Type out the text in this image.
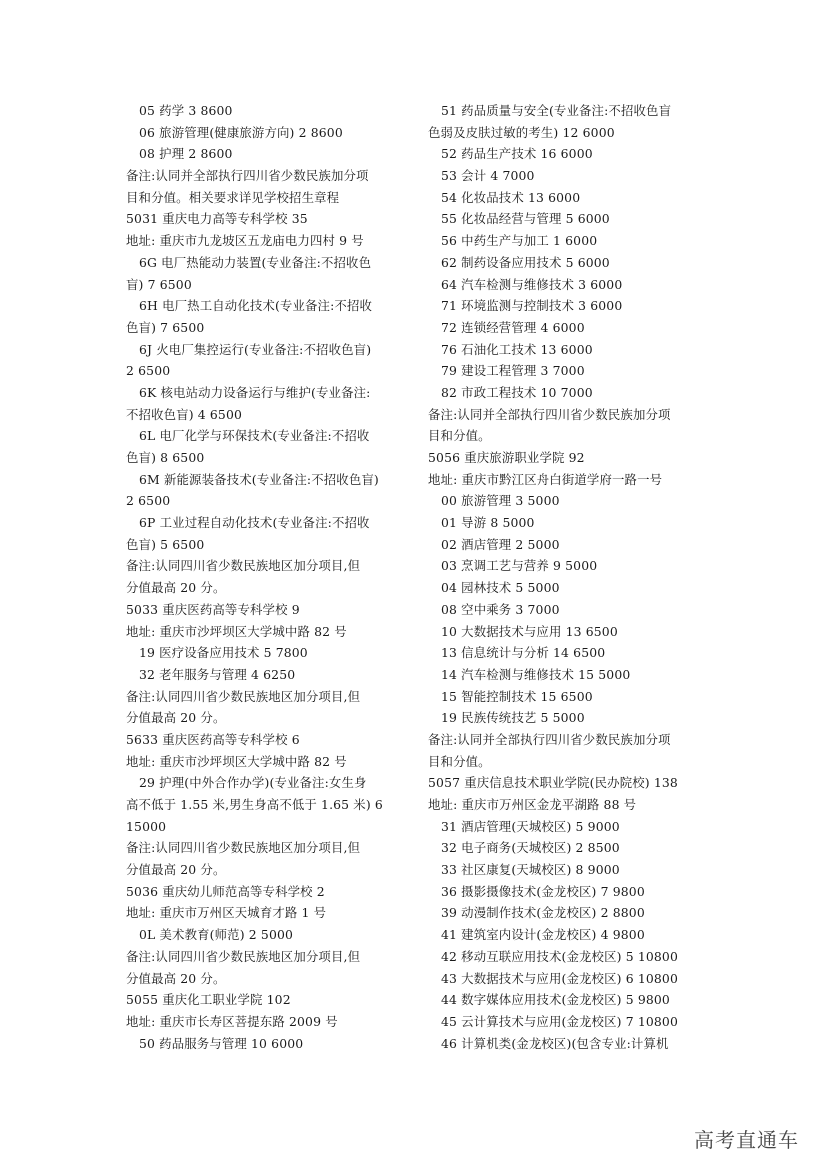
05 药学 3 8600
06 旅游管理(健康旅游方向) 2 8600
08 护理 2 8600
备注:认同并全部执行四川省少数民族加分项
目和分值。相关要求详见学校招生章程
5031 重庆电力高等专科学校 35
地址: 重庆市九龙坡区五龙庙电力四村 9 号
6G 电厂热能动力装置(专业备注:不招收色
盲) 7 6500
6H 电厂热工自动化技术(专业备注:不招收
色盲) 7 6500
6J 火电厂集控运行(专业备注:不招收色盲)
2 6500
6K 核电站动力设备运行与维护(专业备注:
不招收色盲) 4 6500
6L 电厂化学与环保技术(专业备注:不招收
色盲) 8 6500
6M 新能源装备技术(专业备注:不招收色盲)
2 6500
6P 工业过程自动化技术(专业备注:不招收
色盲) 5 6500
备注:认同四川省少数民族地区加分项目,但
分值最高 20 分。
5033 重庆医药高等专科学校 9
地址: 重庆市沙坪坝区大学城中路 82 号
19 医疗设备应用技术 5 7800
32 老年服务与管理 4 6250
备注:认同四川省少数民族地区加分项目,但
分值最高 20 分。
5633 重庆医药高等专科学校 6
地址: 重庆市沙坪坝区大学城中路 82 号
29 护理(中外合作办学)(专业备注:女生身
高不低于 1.55 米,男生身高不低于 1.65 米) 6
15000
备注:认同四川省少数民族地区加分项目,但
分值最高 20 分。
5036 重庆幼儿师范高等专科学校 2
地址: 重庆市万州区天城育才路 1 号
0L 美术教育(师范) 2 5000
备注:认同四川省少数民族地区加分项目,但
分值最高 20 分。
5055 重庆化工职业学院 102
地址: 重庆市长寿区菩提东路 2009 号
50 药品服务与管理 10 6000
51 药品质量与安全(专业备注:不招收色盲
色弱及皮肤过敏的考生) 12 6000
52 药品生产技术 16 6000
53 会计 4 7000
54 化妆品技术 13 6000
55 化妆品经营与管理 5 6000
56 中药生产与加工 1 6000
62 制药设备应用技术 5 6000
64 汽车检测与维修技术 3 6000
71 环境监测与控制技术 3 6000
72 连锁经营管理 4 6000
76 石油化工技术 13 6000
79 建设工程管理 3 7000
82 市政工程技术 10 7000
备注:认同并全部执行四川省少数民族加分项
目和分值。
5056 重庆旅游职业学院 92
地址: 重庆市黔江区舟白街道学府一路一号
00 旅游管理 3 5000
01 导游 8 5000
02 酒店管理 2 5000
03 烹调工艺与营养 9 5000
04 园林技术 5 5000
08 空中乘务 3 7000
10 大数据技术与应用 13 6500
13 信息统计与分析 14 6500
14 汽车检测与维修技术 15 5000
15 智能控制技术 15 6500
19 民族传统技艺 5 5000
备注:认同并全部执行四川省少数民族加分项
目和分值。
5057 重庆信息技术职业学院(民办院校) 138
地址: 重庆市万州区金龙平湖路 88 号
31 酒店管理(天城校区) 5 9000
32 电子商务(天城校区) 2 8500
33 社区康复(天城校区) 8 9000
36 摄影摄像技术(金龙校区) 7 9800
39 动漫制作技术(金龙校区) 2 8800
41 建筑室内设计(金龙校区) 4 9800
42 移动互联应用技术(金龙校区) 5 10800
43 大数据技术与应用(金龙校区) 6 10800
44 数字媒体应用技术(金龙校区) 5 9800
45 云计算技术与应用(金龙校区) 7 10800
46 计算机类(金龙校区)(包含专业:计算机
高考直通车
